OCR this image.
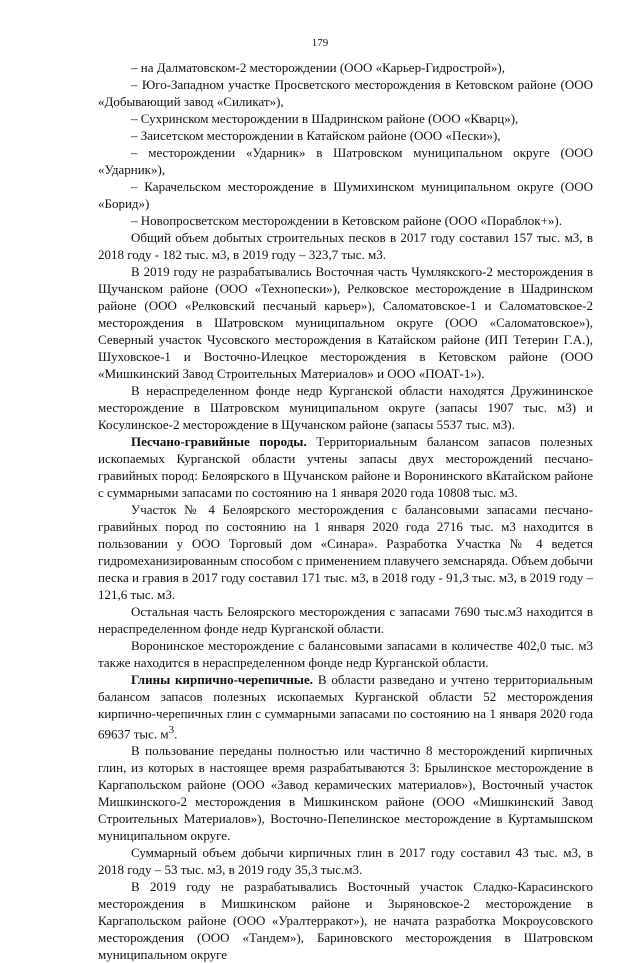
179

– на Далматовском-2 месторождении (ООО «Карьер-Гидрострой»),

– Юго-Западном участке Просветского месторождения в Кетовском районе (ООО «Добывающий завод «Силикат»),

– Сухринском месторождении в Шадринском районе (ООО «Кварц»),

– Заисетском месторождении в Катайском районе (ООО «Пески»),

– месторождении «Ударник» в Шатровском муниципальном округе (ООО «Ударник»),

– Карачельском месторождение в Шумихинском муниципальном округе (ООО «Борид»)

– Новопросветском месторождении в Кетовском районе (ООО «Пораблок+»).

Общий объем добытых строительных песков в 2017 году составил 157 тыс. м3, в 2018 году - 182 тыс. м3, в 2019 году – 323,7 тыс. м3.

В 2019 году не разрабатывались Восточная часть Чумлякского-2 месторождения в Щучанском районе (ООО «Технопески»), Релковское месторождение в Шадринском районе (ООО «Релковский песчаный карьер»), Саломатовское-1 и Саломатовское-2 месторождения в Шатровском муниципальном округе (ООО «Саломатовское»), Северный участок Чусовского месторождения в Катайском районе (ИП Тетерин Г.А.), Шуховское-1 и Восточно-Илецкое месторождения в Кетовском районе (ООО «Мишкинский Завод Строительных Материалов» и ООО «ПОАТ-1»).

В нераспределенном фонде недр Курганской области находятся Дружининское месторождение в Шатровском муниципальном округе (запасы 1907 тыс. м3) и Косулинское-2 месторождение в Щучанском районе (запасы 5537 тыс. м3).

Песчано-гравийные породы. Территориальным балансом запасов полезных ископаемых Курганской области учтены запасы двух месторождений песчано-гравийных пород: Белоярского в Щучанском районе и Воронинского вКатайском районе с суммарными запасами по состоянию на 1 января 2020 года 10808 тыс. м3.

Участок № 4 Белоярского месторождения с балансовыми запасами песчано-гравийных пород по состоянию на 1 января 2020 года 2716 тыс. м3 находится в пользовании у ООО Торговый дом «Синара». Разработка Участка № 4 ведется гидромеханизированным способом с применением плавучего земснаряда. Объем добычи песка и гравия в 2017 году составил 171 тыс. м3, в 2018 году - 91,3 тыс. м3, в 2019 году – 121,6 тыс. м3.

Остальная часть Белоярского месторождения с запасами 7690 тыс.м3 находится в нераспределенном фонде недр Курганской области.

Воронинское месторождение с балансовыми запасами в количестве 402,0 тыс. м3 также находится в нераспределенном фонде недр Курганской области.

Глины кирпично-черепичные. В области разведано и учтено территориальным балансом запасов полезных ископаемых Курганской области 52 месторождения кирпично-черепичных глин с суммарными запасами по состоянию на 1 января 2020 года 69637 тыс. $м^3$.

В пользование переданы полностью или частично 8 месторождений кирпичных глин, из которых в настоящее время разрабатываются 3: Брылинское месторождение в Каргапольском районе (ООО «Завод керамических материалов»), Восточный участок Мишкинского-2 месторождения в Мишкинском районе (ООО «Мишкинский Завод Строительных Материалов»), Восточно-Пепелинское месторождение в Куртамышском муниципальном округе.

Суммарный объем добычи кирпичных глин в 2017 году составил 43 тыс. м3, в 2018 году – 53 тыс. м3, в 2019 году 35,3 тыс.м3.

В 2019 году не разрабатывались Восточный участок Сладко-Карасинского месторождения в Мишкинском районе и Зыряновское-2 месторождение в Каргапольском районе (ООО «Уралтерракот»), не начата разработка Мокроусовского месторождения (ООО «Тандем»), Бариновского месторождения в Шатровском муниципальном округе
